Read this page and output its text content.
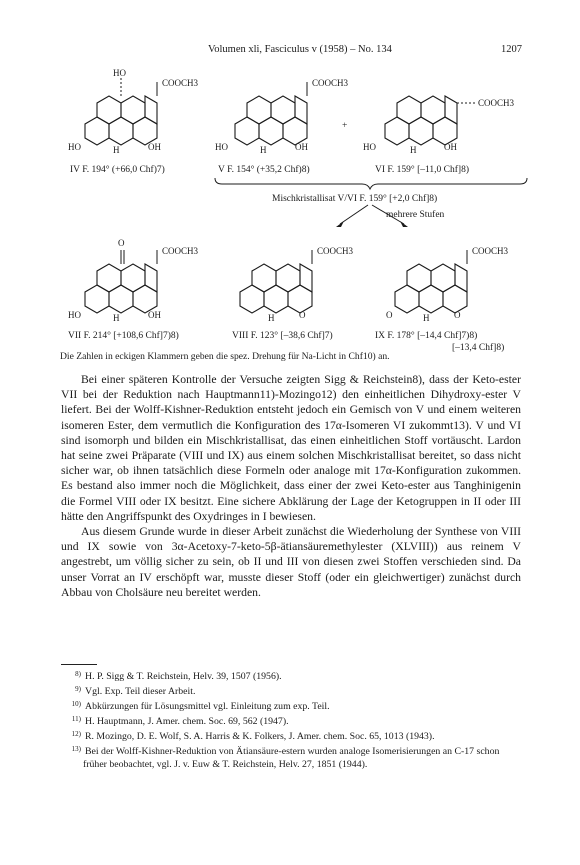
Volumen xli, Fasciculus v (1958) – No. 134	1207
HO
COOCH3
HO	H	OH
COOCH3
HO	H	OH
+
COOCH3
HO	H	OH
IV F. 194° (+66,0 Chf)7)	V F. 154° (+35,2 Chf)8)	VI F. 159° [–11,0 Chf]8)
Mischkristallisat V/VI F. 159° [+2,0 Chf]8)
mehrere Stufen
O
COOCH3
HO	H	OH
COOCH3
H	O
COOCH3
O	H	O
VII F. 214° [+108,6 Chf]7)8)	VIII F. 123° [–38,6 Chf]7)	IX F. 178° [–14,4 Chf]7)8)
[–13,4 Chf]8)
Die Zahlen in eckigen Klammern geben die spez. Drehung für Na-Licht in Chf10) an.

Bei einer späteren Kontrolle der Versuche zeigten Sigg & Reichstein8), dass der Keto-ester VII bei der Reduktion nach Hauptmann11)-Mozingo12) den einheitlichen Dihydroxy-ester V liefert. Bei der Wolff-Kishner-Reduktion entsteht jedoch ein Gemisch von V und einem weiteren isomeren Ester, dem vermutlich die Konfiguration des 17α-Isomeren VI zukommt13). V und VI sind isomorph und bilden ein Mischkristallisat, das einen einheitlichen Stoff vortäuscht. Lardon hat seine zwei Präparate (VIII und IX) aus einem solchen Mischkristallisat bereitet, so dass nicht sicher war, ob ihnen tatsächlich diese Formeln oder analoge mit 17α-Konfiguration zukommen. Es bestand also immer noch die Möglichkeit, dass einer der zwei Keto-ester aus Tanghinigenin die Formel VIII oder IX besitzt. Eine sichere Abklärung der Lage der Ketogruppen in II oder III hätte den Angriffspunkt des Oxydringes in I bewiesen.

Aus diesem Grunde wurde in dieser Arbeit zunächst die Wiederholung der Synthese von VIII und IX sowie von 3α-Acetoxy-7-keto-5β-ätiansäuremethylester (XLVIII)) aus reinem V angestrebt, um völlig sicher zu sein, ob II und III von diesen zwei Stoffen verschieden sind. Da unser Vorrat an IV erschöpft war, musste dieser Stoff (oder ein gleichwertiger) zunächst durch Abbau von Cholsäure neu bereitet werden.

8) H. P. Sigg & T. Reichstein, Helv. 39, 1507 (1956).

9) Vgl. Exp. Teil dieser Arbeit.

10) Abkürzungen für Lösungsmittel vgl. Einleitung zum exp. Teil.

11) H. Hauptmann, J. Amer. chem. Soc. 69, 562 (1947).

12) R. Mozingo, D. E. Wolf, S. A. Harris & K. Folkers, J. Amer. chem. Soc. 65, 1013 (1943).

13) Bei der Wolff-Kishner-Reduktion von Ätiansäure-estern wurden analoge Isomerisierungen an C-17 schon früher beobachtet, vgl. J. v. Euw & T. Reichstein, Helv. 27, 1851 (1944).
